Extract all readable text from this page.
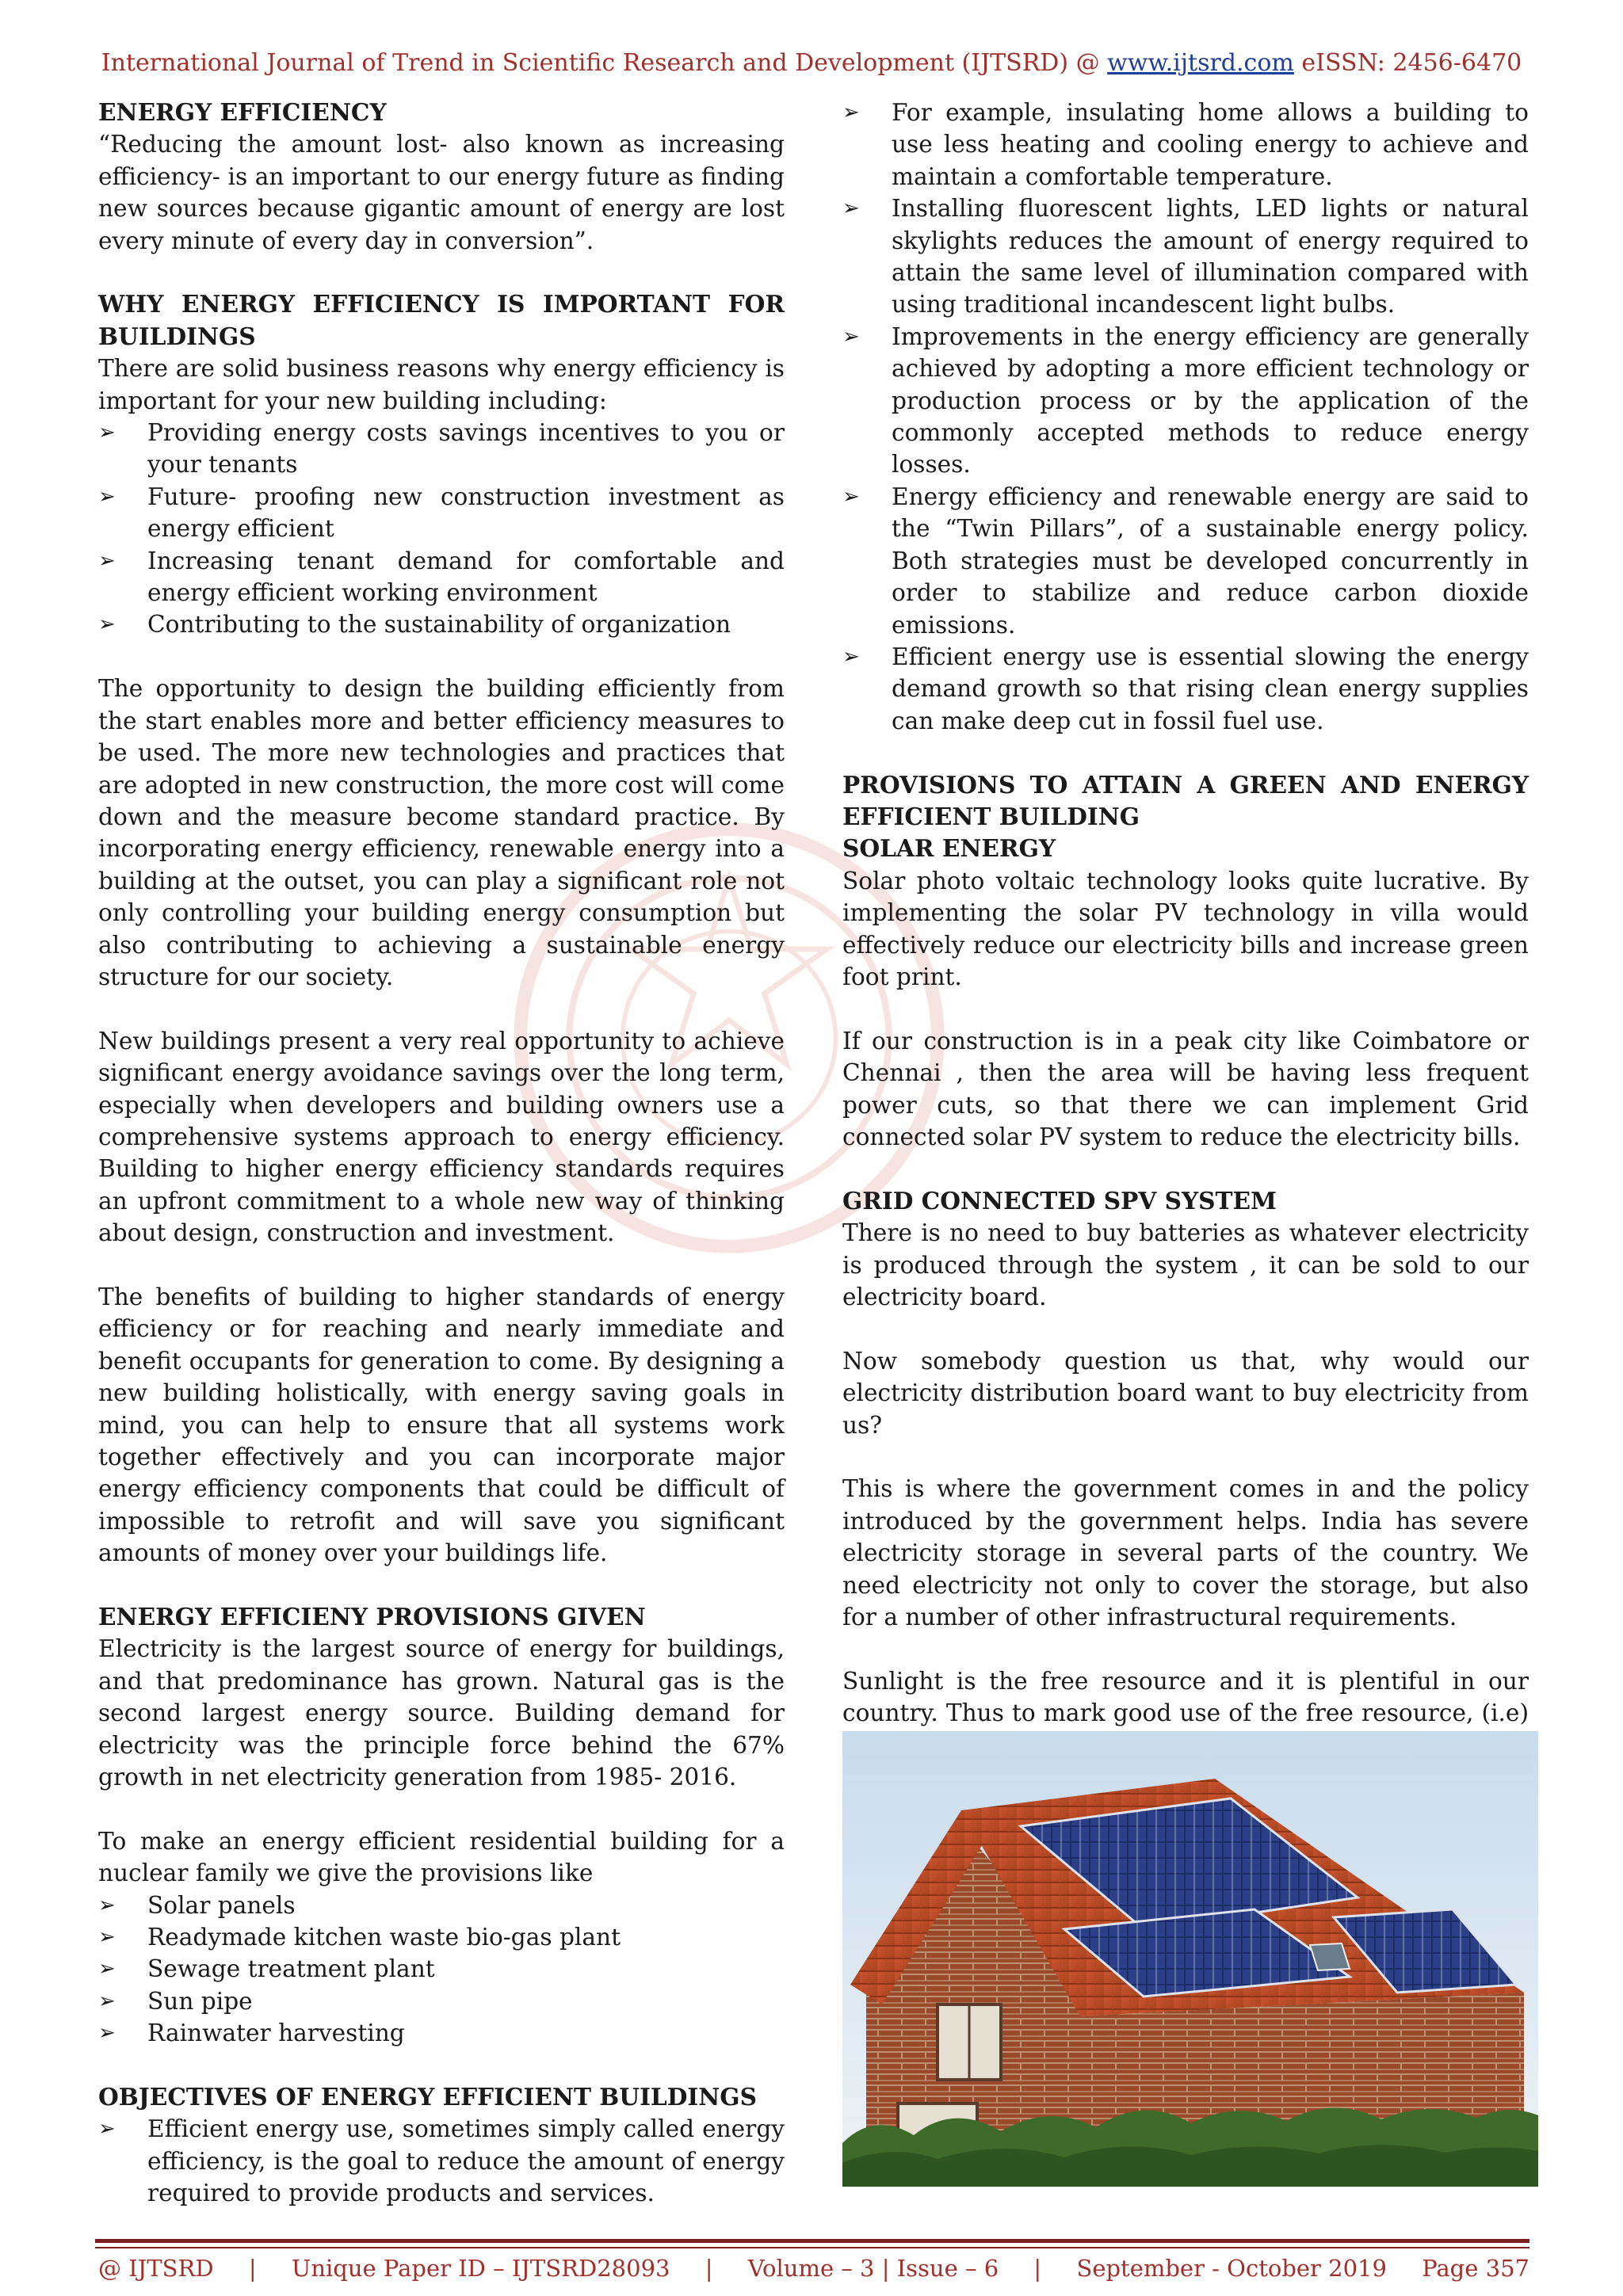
International Journal of Trend in Scientific Research and Development (IJTSRD) @ www.ijtsrd.com eISSN: 2456-6470
ENERGY EFFICIENCY

“Reducing the amount lost- also known as increasing efficiency- is an important to our energy future as finding new sources because gigantic amount of energy are lost every minute of every day in conversion”.

WHY ENERGY EFFICIENCY IS IMPORTANT FOR BUILDINGS

There are solid business reasons why energy efficiency is important for your new building including:

➢ Providing energy costs savings incentives to you or your tenants
➢ Future- proofing new construction investment as energy efficient
➢ Increasing tenant demand for comfortable and energy efficient working environment
➢ Contributing to the sustainability of organization

The opportunity to design the building efficiently from the start enables more and better efficiency measures to be used. The more new technologies and practices that are adopted in new construction, the more cost will come down and the measure become standard practice. By incorporating energy efficiency, renewable energy into a building at the outset, you can play a significant role not only controlling your building energy consumption but also contributing to achieving a sustainable energy structure for our society.

New buildings present a very real opportunity to achieve significant energy avoidance savings over the long term, especially when developers and building owners use a comprehensive systems approach to energy efficiency. Building to higher energy efficiency standards requires an upfront commitment to a whole new way of thinking about design, construction and investment.

The benefits of building to higher standards of energy efficiency or for reaching and nearly immediate and benefit occupants for generation to come. By designing a new building holistically, with energy saving goals in mind, you can help to ensure that all systems work together effectively and you can incorporate major energy efficiency components that could be difficult of impossible to retrofit and will save you significant amounts of money over your buildings life.

ENERGY EFFICIENY PROVISIONS GIVEN

Electricity is the largest source of energy for buildings, and that predominance has grown. Natural gas is the second largest energy source. Building demand for electricity was the principle force behind the 67% growth in net electricity generation from 1985- 2016.

To make an energy efficient residential building for a nuclear family we give the provisions like

➢ Solar panels
➢ Readymade kitchen waste bio-gas plant
➢ Sewage treatment plant
➢ Sun pipe
➢ Rainwater harvesting
OBJECTIVES OF ENERGY EFFICIENT BUILDINGS
➢ Efficient energy use, sometimes simply called energy efficiency, is the goal to reduce the amount of energy required to provide products and services.
➢ For example, insulating home allows a building to use less heating and cooling energy to achieve and maintain a comfortable temperature.
➢ Installing fluorescent lights, LED lights or natural skylights reduces the amount of energy required to attain the same level of illumination compared with using traditional incandescent light bulbs.
➢ Improvements in the energy efficiency are generally achieved by adopting a more efficient technology or production process or by the application of the commonly accepted methods to reduce energy losses.
➢ Energy efficiency and renewable energy are said to the “Twin Pillars”, of a sustainable energy policy. Both strategies must be developed concurrently in order to stabilize and reduce carbon dioxide emissions.
➢ Efficient energy use is essential slowing the energy demand growth so that rising clean energy supplies can make deep cut in fossil fuel use.
PROVISIONS TO ATTAIN A GREEN AND ENERGY EFFICIENT BUILDING
SOLAR ENERGY

Solar photo voltaic technology looks quite lucrative. By implementing the solar PV technology in villa would effectively reduce our electricity bills and increase green foot print.

If our construction is in a peak city like Coimbatore or Chennai , then the area will be having less frequent power cuts, so that there we can implement Grid connected solar PV system to reduce the electricity bills.

GRID CONNECTED SPV SYSTEM

There is no need to buy batteries as whatever electricity is produced through the system , it can be sold to our electricity board.

Now somebody question us that, why would our electricity distribution board want to buy electricity from us?

This is where the government comes in and the policy introduced by the government helps. India has severe electricity storage in several parts of the country. We need electricity not only to cover the storage, but also for a number of other infrastructural requirements.

Sunlight is the free resource and it is plentiful in our country. Thus to mark good use of the free resource, (i.e)

@ IJTSRD | Unique Paper ID – IJTSRD28093 | Volume – 3 | Issue – 6 | September - October 2019 Page 357
